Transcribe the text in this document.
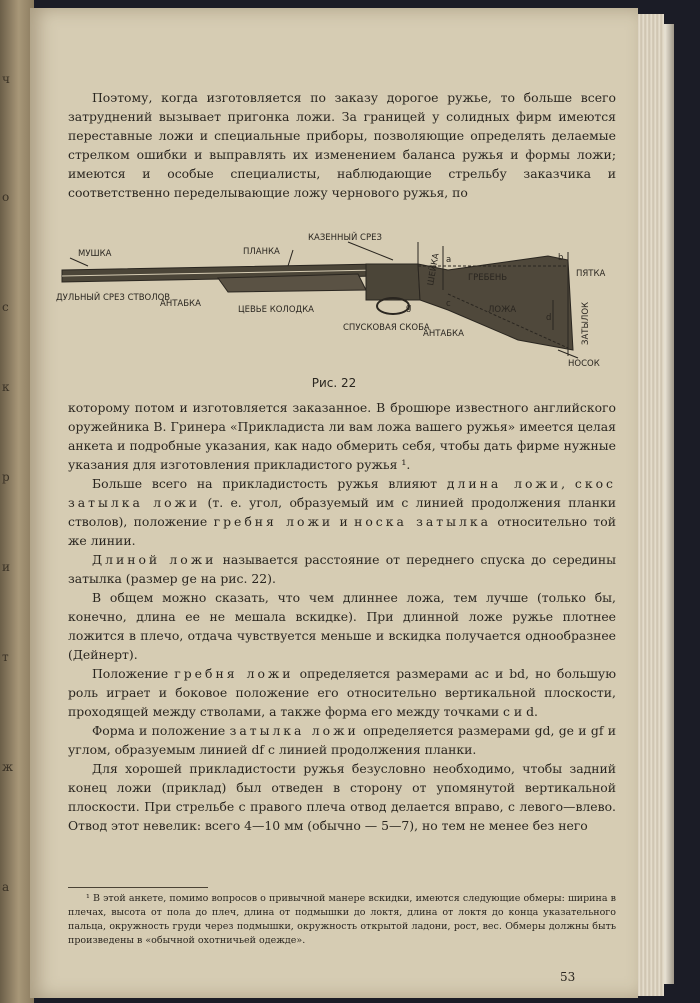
ч
о
с
к
р
и
т
ж
а

Поэтому, когда изготовляется по заказу дорогое ружье, то больше всего затруднений вызывает пригонка ложи. За границей у солидных фирм имеются переставные ложи и специальные приборы, позволяющие определять делаемые стрелком ошибки и выправлять их изменением баланса ружья и формы ложи; имеются и особые специалисты, наблюдающие стрельбу заказчика и соответственно переделывающие ложу чернового ружья, по

МУШКА	ПЛАНКА
КАЗЕННЫЙ СРЕЗ
ШЕЙКА	ГРЕБЕНЬ	ПЯТКА
ДУЛЬНЫЙ СРЕЗ СТВОЛОВ
АНТАБКА
ЦЕВЬЕ КОЛОДКА
СПУСКОВАЯ СКОБА
АНТАБКА
ЛОЖА	ЗАТЫЛОК
НОСОК
а	b
c
d
g
Рис. 22

которому потом и изготовляется заказанное. В брошюре известного английского оружейника В. Гринера «Прикладиста ли вам ложа вашего ружья» имеется целая анкета и подробные указания, как надо обмерить себя, чтобы дать фирме нужные указания для изготовления прикладистого ружья ¹.

Больше всего на прикладистость ружья влияют длина ложи, скос затылка ложи (т. е. угол, образуемый им с линией продолжения планки стволов), положение гребня ложи и носка затылка относительно той же линии.

Длиной ложи называется расстояние от переднего спуска до середины затылка (размер ge на рис. 22).

В общем можно сказать, что чем длиннее ложа, тем лучше (только бы, конечно, длина ее не мешала вскидке). При длинной ложе ружье плотнее ложится в плечо, отдача чувствуется меньше и вскидка получается однообразнее (Дейнерт).

Положение гребня ложи определяется размерами ac и bd, но большую роль играет и боковое положение его относительно вертикальной плоскости, проходящей между стволами, а также форма его между точками c и d.

Форма и положение затылка ложи определяется размерами gd, ge и gf и углом, образуемым линией df с линией продолжения планки.

Для хорошей прикладистости ружья безусловно необходимо, чтобы задний конец ложи (приклад) был отведен в сторону от упомянутой вертикальной плоскости. При стрельбе с правого плеча отвод делается вправо, с левого—влево. Отвод этот невелик: всего 4—10 мм (обычно — 5—7), но тем не менее без него

¹ В этой анкете, помимо вопросов о привычной манере вскидки, имеются следующие обмеры: ширина в плечах, высота от пола до плеч, длина от подмышки до локтя, длина от локтя до конца указательного пальца, окружность груди через подмышки, окружность открытой ладони, рост, вес. Обмеры должны быть произведены в «обычной охотничьей одежде».

53
